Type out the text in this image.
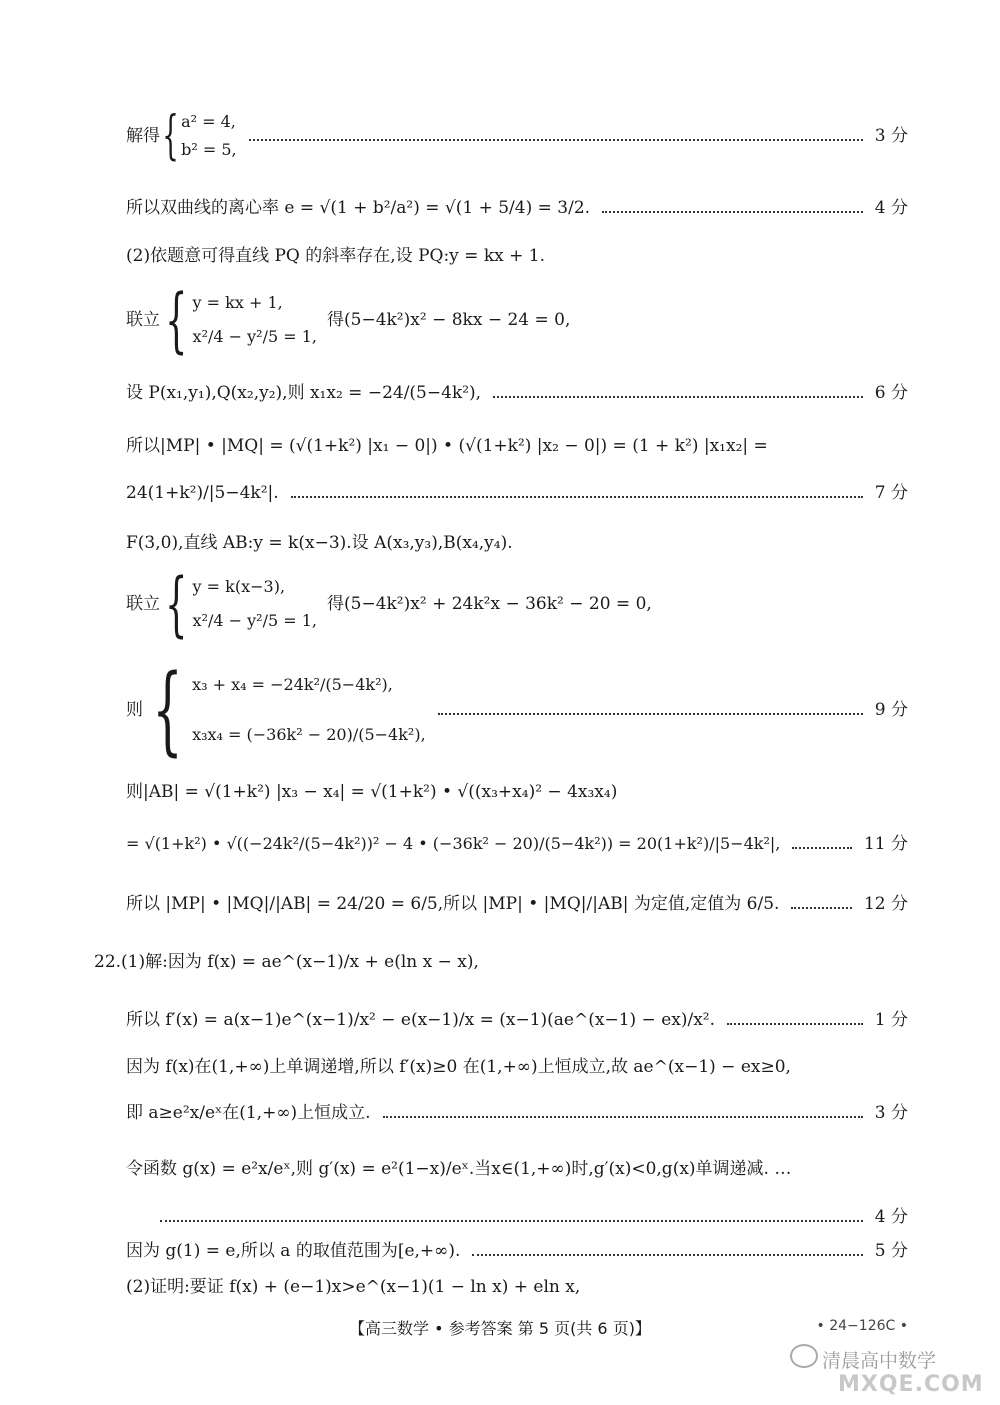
解得 { a² = 4,
b² = 5,
3 分
所以双曲线的离心率 e = √(1 + b²/a²) = √(1 + 5/4) = 3/2.	4 分
(2)依题意可得直线 PQ 的斜率存在,设 PQ:y = kx + 1.
联立 { y = kx + 1,
x²/4 − y²/5 = 1,
得(5−4k²)x² − 8kx − 24 = 0,
设 P(x₁,y₁),Q(x₂,y₂),则 x₁x₂ = −24/(5−4k²),	6 分
所以|MP| • |MQ| = (√(1+k²) |x₁ − 0|) • (√(1+k²) |x₂ − 0|) = (1 + k²) |x₁x₂| =
24(1+k²)/|5−4k²|.	7 分
F(3,0),直线 AB:y = k(x−3).设 A(x₃,y₃),B(x₄,y₄).
联立 { y = k(x−3),
x²/4 − y²/5 = 1,
得(5−4k²)x² + 24k²x − 36k² − 20 = 0,
则 { x₃ + x₄ = −24k²/(5−4k²),
x₃x₄ = (−36k² − 20)/(5−4k²),
9 分
则|AB| = √(1+k²) |x₃ − x₄| = √(1+k²) • √((x₃+x₄)² − 4x₃x₄)
= √(1+k²) • √((−24k²/(5−4k²))² − 4 • (−36k² − 20)/(5−4k²)) = 20(1+k²)/|5−4k²|,	11 分
所以 |MP| • |MQ|/|AB| = 24/20 = 6/5,所以 |MP| • |MQ|/|AB| 为定值,定值为 6/5.	12 分
22.(1)解:因为 f(x) = ae^(x−1)/x + e(ln x − x),
所以 f′(x) = a(x−1)e^(x−1)/x² − e(x−1)/x = (x−1)(ae^(x−1) − ex)/x².	1 分
因为 f(x)在(1,+∞)上单调递增,所以 f′(x)≥0 在(1,+∞)上恒成立,故 ae^(x−1) − ex≥0,
即 a≥e²x/eˣ在(1,+∞)上恒成立.	3 分
令函数 g(x) = e²x/eˣ,则 g′(x) = e²(1−x)/eˣ.当x∈(1,+∞)时,g′(x)<0,g(x)单调递减. …
4 分
因为 g(1) = e,所以 a 的取值范围为[e,+∞).	5 分
(2)证明:要证 f(x) + (e−1)x>e^(x−1)(1 − ln x) + eln x,
【高三数学 • 参考答案 第 5 页(共 6 页)】	• 24−126C •
清晨高中数学
MXQE.COM
